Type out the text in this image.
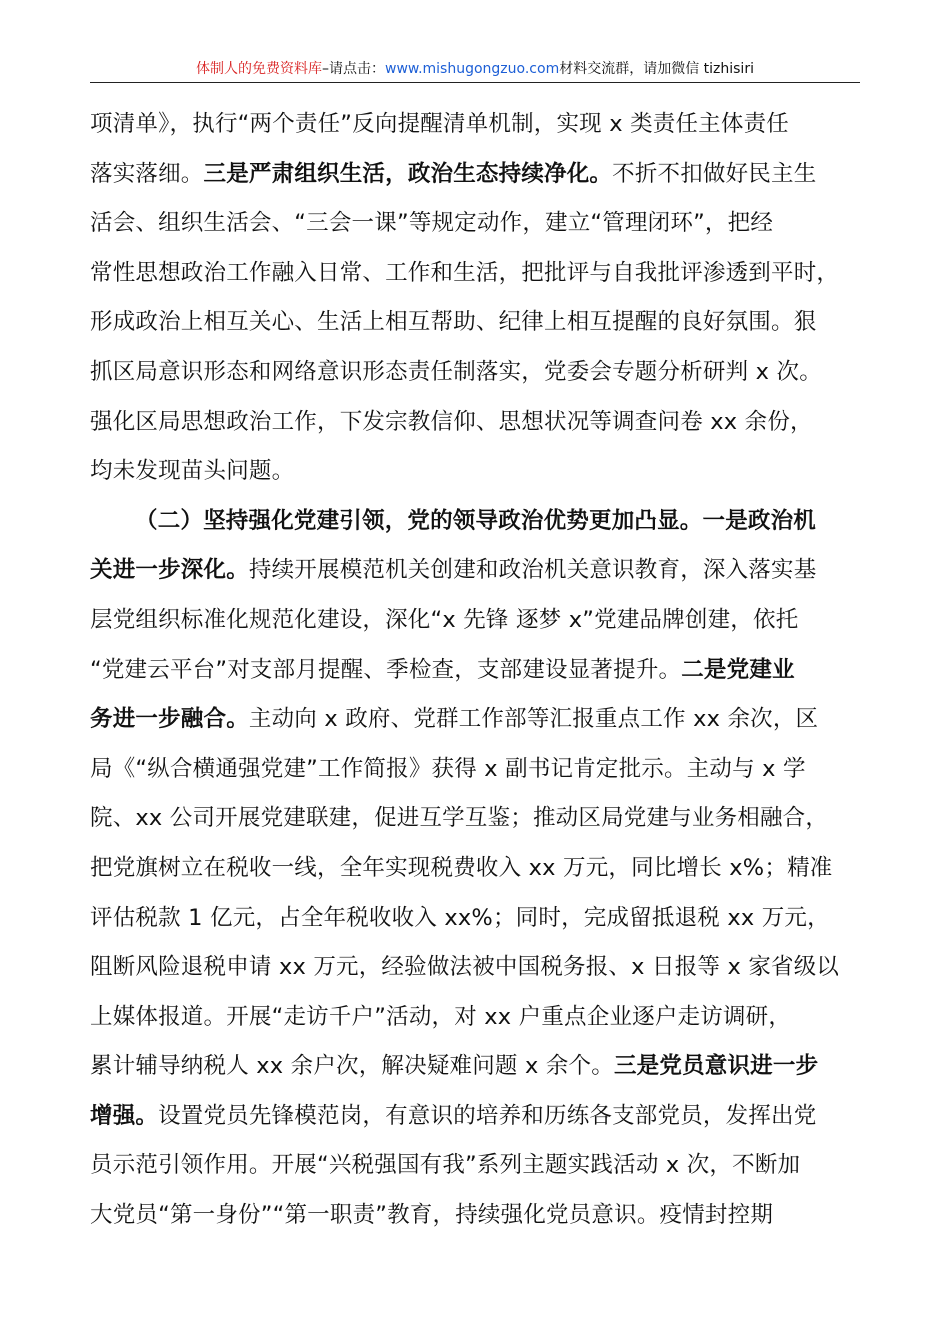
体制人的免费资料库–请点击：www.mishugongzuo.com材料交流群，请加微信 tizhisiri
项清单》，执行“两个责任”反向提醒清单机制，实现 x 类责任主体责任
落实落细。三是严肃组织生活，政治生态持续净化。不折不扣做好民主生
活会、组织生活会、“三会一课”等规定动作，建立“管理闭环”，把经
常性思想政治工作融入日常、工作和生活，把批评与自我批评渗透到平时，
形成政治上相互关心、生活上相互帮助、纪律上相互提醒的良好氛围。狠
抓区局意识形态和网络意识形态责任制落实，党委会专题分析研判 x 次。
强化区局思想政治工作，下发宗教信仰、思想状况等调查问卷 xx 余份，
均未发现苗头问题。
（二）坚持强化党建引领，党的领导政治优势更加凸显。一是政治机
关进一步深化。持续开展模范机关创建和政治机关意识教育，深入落实基
层党组织标准化规范化建设，深化“x 先锋 逐梦 x”党建品牌创建，依托
“党建云平台”对支部月提醒、季检查，支部建设显著提升。二是党建业
务进一步融合。主动向 x 政府、党群工作部等汇报重点工作 xx 余次，区
局《“纵合横通强党建”工作简报》获得 x 副书记肯定批示。主动与 x 学
院、xx 公司开展党建联建，促进互学互鉴；推动区局党建与业务相融合，
把党旗树立在税收一线，全年实现税费收入 xx 万元，同比增长 x%；精准
评估税款 1 亿元，占全年税收收入 xx%；同时，完成留抵退税 xx 万元，
阻断风险退税申请 xx 万元，经验做法被中国税务报、x 日报等 x 家省级以
上媒体报道。开展“走访千户”活动，对 xx 户重点企业逐户走访调研，
累计辅导纳税人 xx 余户次，解决疑难问题 x 余个。三是党员意识进一步
增强。设置党员先锋模范岗，有意识的培养和历练各支部党员，发挥出党
员示范引领作用。开展“兴税强国有我”系列主题实践活动 x 次，不断加
大党员“第一身份”“第一职责”教育，持续强化党员意识。疫情封控期
